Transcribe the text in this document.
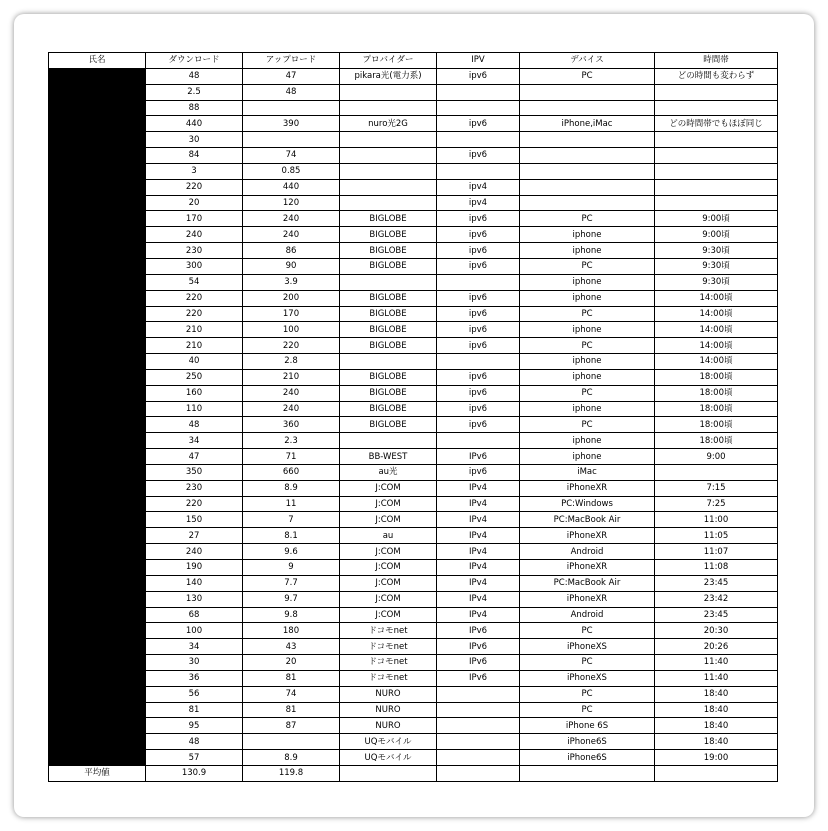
氏名	ダウンロード	アップロード	プロバイダー	IPV	デバイス	時間帯
	48	47	pikara光(電力系)	ipv6	PC	どの時間も変わらず
	2.5	48				
	88					
	440	390	nuro光2G	ipv6	iPhone,iMac	どの時間帯でもほぼ同じ
	30					
	84	74		ipv6		
	3	0.85				
	220	440		ipv4		
	20	120		ipv4		
	170	240	BIGLOBE	ipv6	PC	9:00頃
	240	240	BIGLOBE	ipv6	iphone	9:00頃
	230	86	BIGLOBE	ipv6	iphone	9:30頃
	300	90	BIGLOBE	ipv6	PC	9:30頃
	54	3.9			iphone	9:30頃
	220	200	BIGLOBE	ipv6	iphone	14:00頃
	220	170	BIGLOBE	ipv6	PC	14:00頃
	210	100	BIGLOBE	ipv6	iphone	14:00頃
	210	220	BIGLOBE	ipv6	PC	14:00頃
	40	2.8			iphone	14:00頃
	250	210	BIGLOBE	ipv6	iphone	18:00頃
	160	240	BIGLOBE	ipv6	PC	18:00頃
	110	240	BIGLOBE	ipv6	iphone	18:00頃
	48	360	BIGLOBE	ipv6	PC	18:00頃
	34	2.3			iphone	18:00頃
	47	71	BB-WEST	IPv6	iphone	9:00
	350	660	au光	ipv6	iMac	
	230	8.9	J:COM	IPv4	iPhoneXR	7:15
	220	11	J:COM	IPv4	PC:Windows	7:25
	150	7	J:COM	IPv4	PC:MacBook Air	11:00
	27	8.1	au	IPv4	iPhoneXR	11:05
	240	9.6	J:COM	IPv4	Android	11:07
	190	9	J:COM	IPv4	iPhoneXR	11:08
	140	7.7	J:COM	IPv4	PC:MacBook Air	23:45
	130	9.7	J:COM	IPv4	iPhoneXR	23:42
	68	9.8	J:COM	IPv4	Android	23:45
	100	180	ドコモnet	IPv6	PC	20:30
	34	43	ドコモnet	IPv6	iPhoneXS	20:26
	30	20	ドコモnet	IPv6	PC	11:40
	36	81	ドコモnet	IPv6	iPhoneXS	11:40
	56	74	NURO		PC	18:40
	81	81	NURO		PC	18:40
	95	87	NURO		iPhone 6S	18:40
	48		UQモバイル		iPhone6S	18:40
	57	8.9	UQモバイル		iPhone6S	19:00
平均値	130.9	119.8				
